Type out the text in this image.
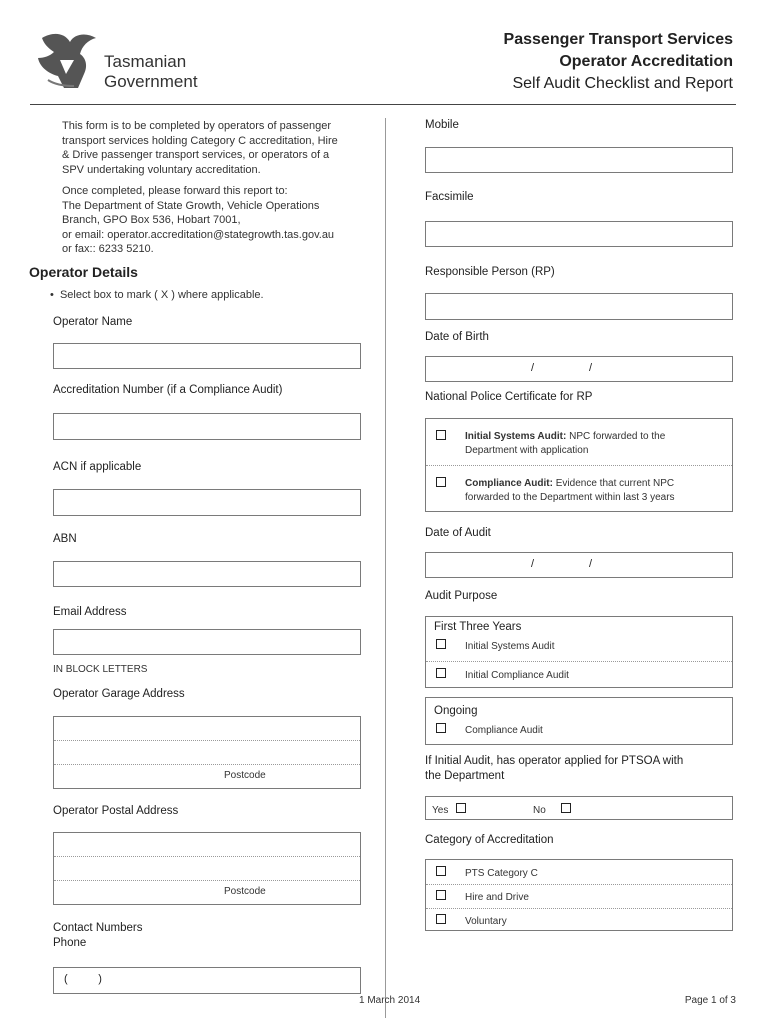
Tasmanian
Government
Passenger Transport Services
Operator Accreditation
Self Audit Checklist and Report
This form is to be completed by operators of passenger
transport services holding Category C accreditation, Hire
& Drive passenger transport services, or operators of a
SPV undertaking voluntary accreditation.
Once completed, please forward this report to:
The Department of State Growth, Vehicle Operations
Branch, GPO Box 536, Hobart 7001,
or email: operator.accreditation@stategrowth.tas.gov.au
or fax:: 6233 5210.
Operator Details
•  Select box to mark ( X ) where applicable.
Operator Name
Accreditation Number (if a Compliance Audit)
ACN if applicable
ABN
Email Address
IN BLOCK LETTERS
Operator Garage Address
Postcode
Operator Postal Address
Postcode
Contact Numbers
Phone
(          )
Mobile
Facsimile
Responsible Person (RP)
Date of Birth
/	/
National Police Certificate for RP
Initial Systems Audit: NPC forwarded to the
Department with application
Compliance Audit: Evidence that current NPC
forwarded to the Department within last 3 years
Date of Audit
/	/
Audit Purpose
First Three Years
Initial Systems Audit
Initial Compliance Audit
Ongoing
Compliance Audit
If Initial Audit, has operator applied for PTSOA with
the Department
Yes	No
Category of Accreditation
PTS Category C
Hire and Drive
Voluntary
1 March 2014	Page 1 of 3
